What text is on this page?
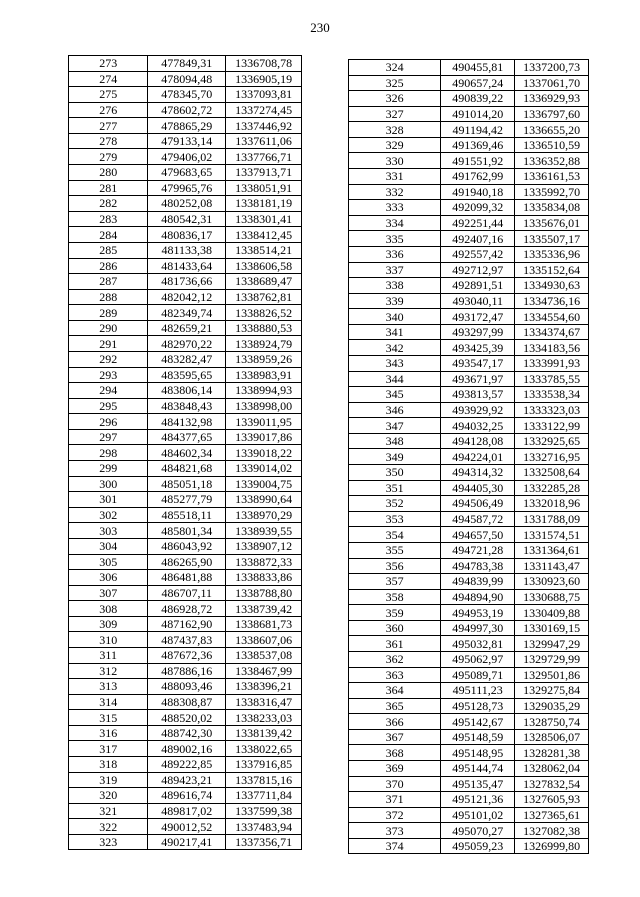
230
273	477849,31	1336708,78
274	478094,48	1336905,19
275	478345,70	1337093,81
276	478602,72	1337274,45
277	478865,29	1337446,92
278	479133,14	1337611,06
279	479406,02	1337766,71
280	479683,65	1337913,71
281	479965,76	1338051,91
282	480252,08	1338181,19
283	480542,31	1338301,41
284	480836,17	1338412,45
285	481133,38	1338514,21
286	481433,64	1338606,58
287	481736,66	1338689,47
288	482042,12	1338762,81
289	482349,74	1338826,52
290	482659,21	1338880,53
291	482970,22	1338924,79
292	483282,47	1338959,26
293	483595,65	1338983,91
294	483806,14	1338994,93
295	483848,43	1338998,00
296	484132,98	1339011,95
297	484377,65	1339017,86
298	484602,34	1339018,22
299	484821,68	1339014,02
300	485051,18	1339004,75
301	485277,79	1338990,64
302	485518,11	1338970,29
303	485801,34	1338939,55
304	486043,92	1338907,12
305	486265,90	1338872,33
306	486481,88	1338833,86
307	486707,11	1338788,80
308	486928,72	1338739,42
309	487162,90	1338681,73
310	487437,83	1338607,06
311	487672,36	1338537,08
312	487886,16	1338467,99
313	488093,46	1338396,21
314	488308,87	1338316,47
315	488520,02	1338233,03
316	488742,30	1338139,42
317	489002,16	1338022,65
318	489222,85	1337916,85
319	489423,21	1337815,16
320	489616,74	1337711,84
321	489817,02	1337599,38
322	490012,52	1337483,94
323	490217,41	1337356,71
324	490455,81	1337200,73
325	490657,24	1337061,70
326	490839,22	1336929,93
327	491014,20	1336797,60
328	491194,42	1336655,20
329	491369,46	1336510,59
330	491551,92	1336352,88
331	491762,99	1336161,53
332	491940,18	1335992,70
333	492099,32	1335834,08
334	492251,44	1335676,01
335	492407,16	1335507,17
336	492557,42	1335336,96
337	492712,97	1335152,64
338	492891,51	1334930,63
339	493040,11	1334736,16
340	493172,47	1334554,60
341	493297,99	1334374,67
342	493425,39	1334183,56
343	493547,17	1333991,93
344	493671,97	1333785,55
345	493813,57	1333538,34
346	493929,92	1333323,03
347	494032,25	1333122,99
348	494128,08	1332925,65
349	494224,01	1332716,95
350	494314,32	1332508,64
351	494405,30	1332285,28
352	494506,49	1332018,96
353	494587,72	1331788,09
354	494657,50	1331574,51
355	494721,28	1331364,61
356	494783,38	1331143,47
357	494839,99	1330923,60
358	494894,90	1330688,75
359	494953,19	1330409,88
360	494997,30	1330169,15
361	495032,81	1329947,29
362	495062,97	1329729,99
363	495089,71	1329501,86
364	495111,23	1329275,84
365	495128,73	1329035,29
366	495142,67	1328750,74
367	495148,59	1328506,07
368	495148,95	1328281,38
369	495144,74	1328062,04
370	495135,47	1327832,54
371	495121,36	1327605,93
372	495101,02	1327365,61
373	495070,27	1327082,38
374	495059,23	1326999,80
